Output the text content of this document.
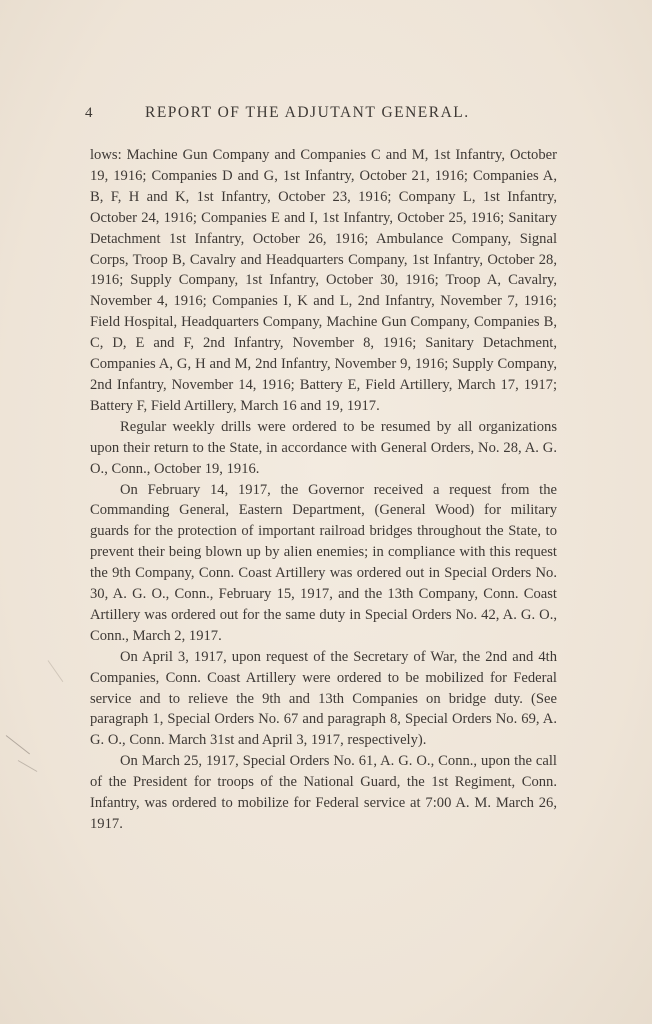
4	REPORT OF THE ADJUTANT GENERAL.

lows: Machine Gun Company and Companies C and M, 1st Infantry, October 19, 1916; Companies D and G, 1st Infantry, October 21, 1916; Companies A, B, F, H and K, 1st Infantry, October 23, 1916; Company L, 1st Infantry, October 24, 1916; Companies E and I, 1st Infantry, October 25, 1916; Sanitary Detachment 1st Infantry, October 26, 1916; Ambulance Company, Signal Corps, Troop B, Cavalry and Headquarters Company, 1st Infantry, October 28, 1916; Supply Company, 1st Infantry, October 30, 1916; Troop A, Cavalry, November 4, 1916; Companies I, K and L, 2nd Infantry, November 7, 1916; Field Hospital, Headquarters Company, Machine Gun Company, Companies B, C, D, E and F, 2nd Infantry, November 8, 1916; Sanitary Detachment, Companies A, G, H and M, 2nd Infantry, November 9, 1916; Supply Company, 2nd Infantry, November 14, 1916; Battery E, Field Artillery, March 17, 1917; Battery F, Field Artillery, March 16 and 19, 1917.

Regular weekly drills were ordered to be resumed by all organizations upon their return to the State, in accordance with General Orders, No. 28, A. G. O., Conn., October 19, 1916.

On February 14, 1917, the Governor received a request from the Commanding General, Eastern Department, (General Wood) for military guards for the protection of important railroad bridges throughout the State, to prevent their being blown up by alien enemies; in compliance with this request the 9th Company, Conn. Coast Artillery was ordered out in Special Orders No. 30, A. G. O., Conn., February 15, 1917, and the 13th Company, Conn. Coast Artillery was ordered out for the same duty in Special Orders No. 42, A. G. O., Conn., March 2, 1917.

On April 3, 1917, upon request of the Secretary of War, the 2nd and 4th Companies, Conn. Coast Artillery were ordered to be mobilized for Federal service and to relieve the 9th and 13th Companies on bridge duty. (See paragraph 1, Special Orders No. 67 and paragraph 8, Special Orders No. 69, A. G. O., Conn. March 31st and April 3, 1917, respectively).

On March 25, 1917, Special Orders No. 61, A. G. O., Conn., upon the call of the President for troops of the National Guard, the 1st Regiment, Conn. Infantry, was ordered to mobilize for Federal service at 7:00 A. M. March 26, 1917.
